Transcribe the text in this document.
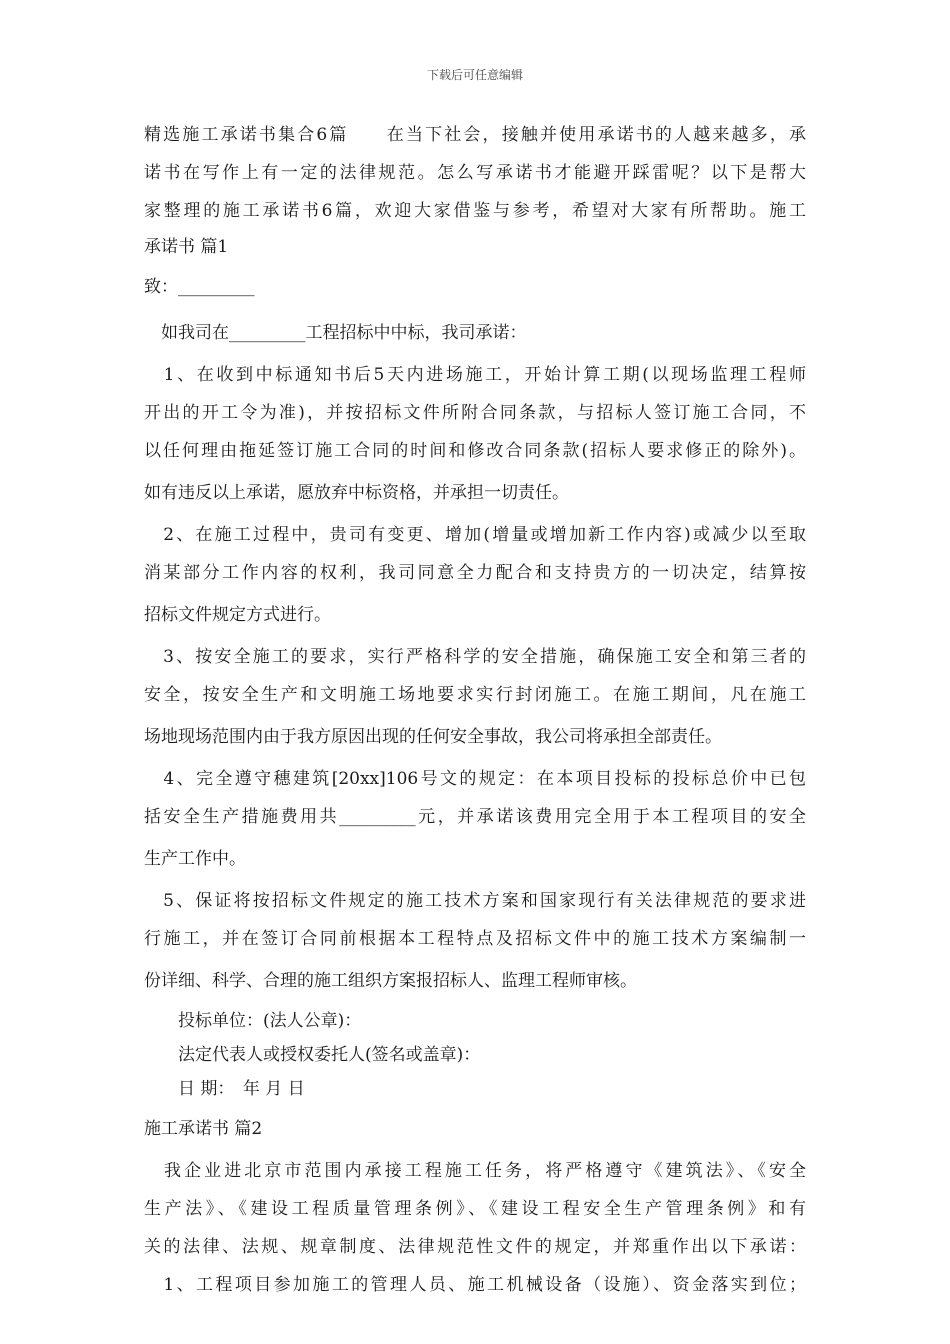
下载后可任意编辑
精选施工承诺书集合6篇　　在当下社会，接触并使用承诺书的人越来越多，承
诺书在写作上有一定的法律规范。怎么写承诺书才能避开踩雷呢？以下是帮大
家整理的施工承诺书6篇，欢迎大家借鉴与参考，希望对大家有所帮助。施工
承诺书 篇1
致：_________
　如我司在_________工程招标中中标，我司承诺：
　1、在收到中标通知书后5天内进场施工，开始计算工期(以现场监理工程师
开出的开工令为准)，并按招标文件所附合同条款，与招标人签订施工合同，不
以任何理由拖延签订施工合同的时间和修改合同条款(招标人要求修正的除外)。
如有违反以上承诺，愿放弃中标资格，并承担一切责任。
　2、在施工过程中，贵司有变更、增加(增量或增加新工作内容)或减少以至取
消某部分工作内容的权利，我司同意全力配合和支持贵方的一切决定，结算按
招标文件规定方式进行。
　3、按安全施工的要求，实行严格科学的安全措施，确保施工安全和第三者的
安全，按安全生产和文明施工场地要求实行封闭施工。在施工期间，凡在施工
场地现场范围内由于我方原因出现的任何安全事故，我公司将承担全部责任。
　4、完全遵守穗建筑[20xx]106号文的规定：在本项目投标的投标总价中已包
括安全生产措施费用共_________元，并承诺该费用完全用于本工程项目的安全
生产工作中。
　5、保证将按招标文件规定的施工技术方案和国家现行有关法律规范的要求进
行施工，并在签订合同前根据本工程特点及招标文件中的施工技术方案编制一
份详细、科学、合理的施工组织方案报招标人、监理工程师审核。
　　投标单位：(法人公章)：
　　法定代表人或授权委托人(签名或盖章)：
　　日 期：　年 月 日
施工承诺书 篇2
　我企业进北京市范围内承接工程施工任务，将严格遵守《建筑法》、《安全
生产法》、《建设工程质量管理条例》、《建设工程安全生产管理条例》和有
关的法律、法规、规章制度、法律规范性文件的规定，并郑重作出以下承诺：
　1、工程项目参加施工的管理人员、施工机械设备（设施）、资金落实到位；
